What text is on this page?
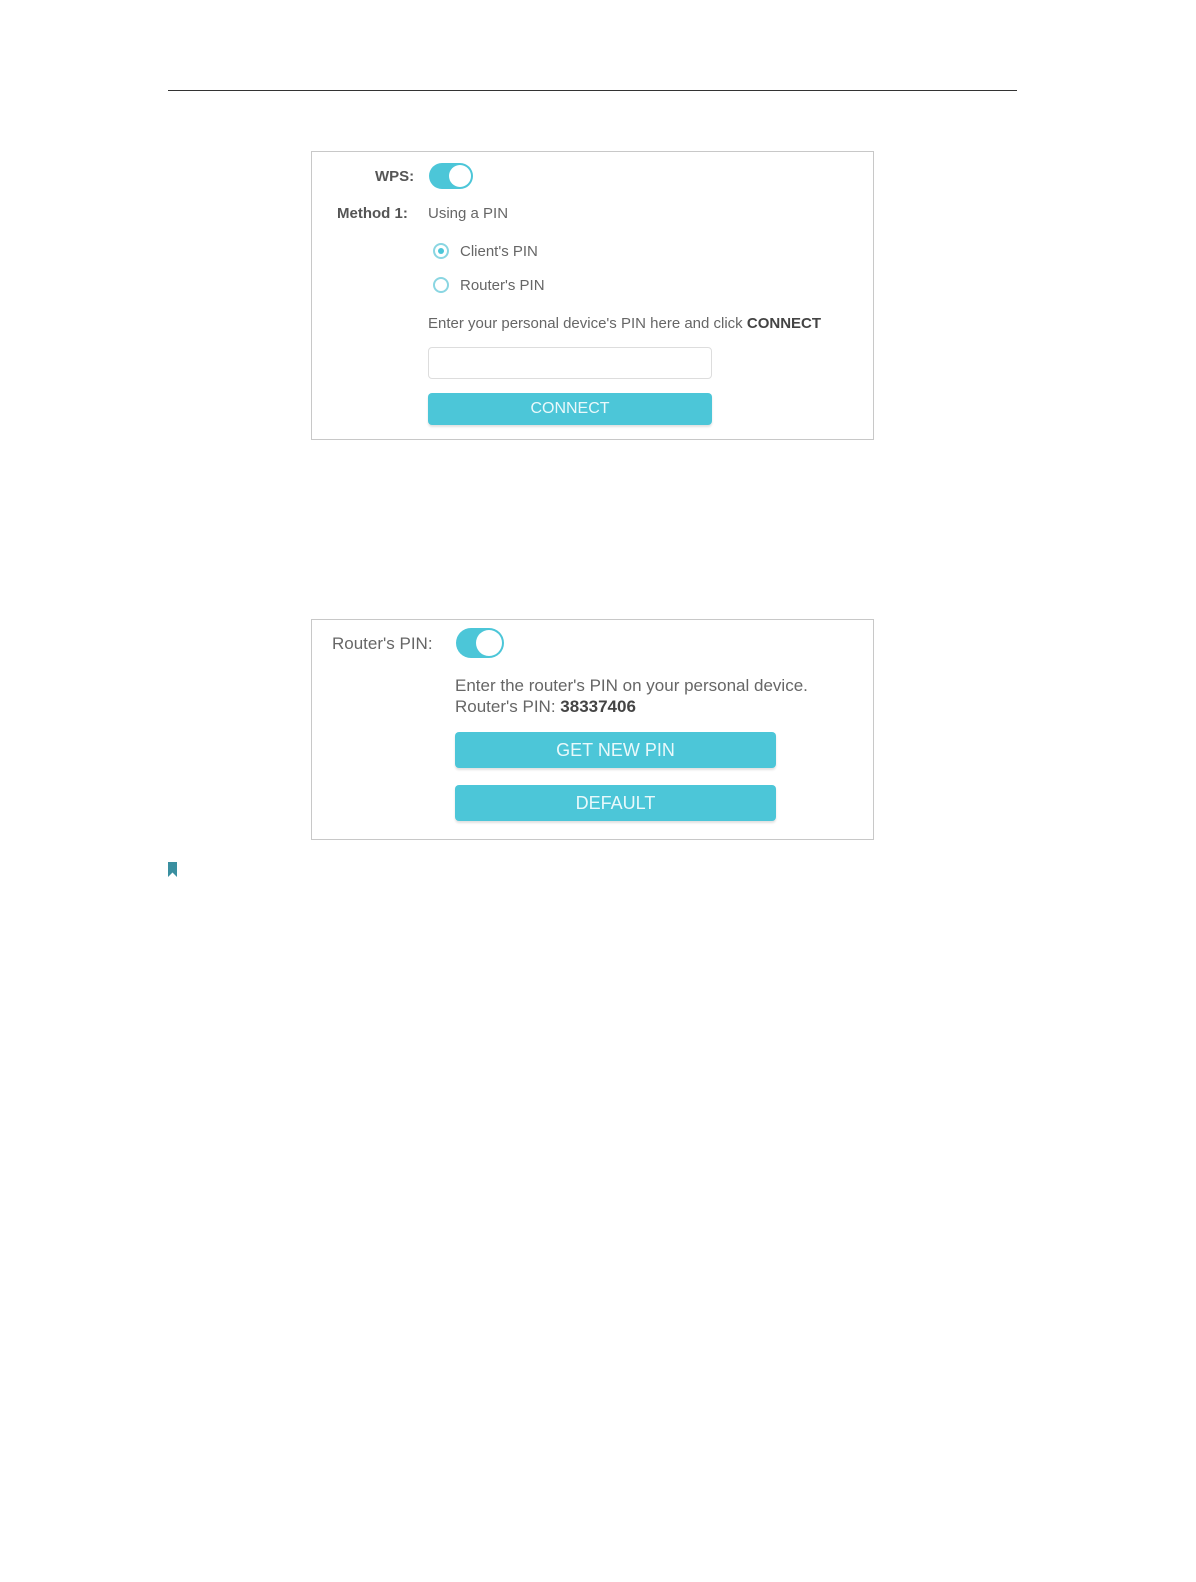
WPS:
Method 1: Using a PIN
Client's PIN
Router's PIN
Enter your personal device's PIN here and click CONNECT
CONNECT
Router's PIN:
Enter the router's PIN on your personal device.
Router's PIN: 38337406
GET NEW PIN
DEFAULT
